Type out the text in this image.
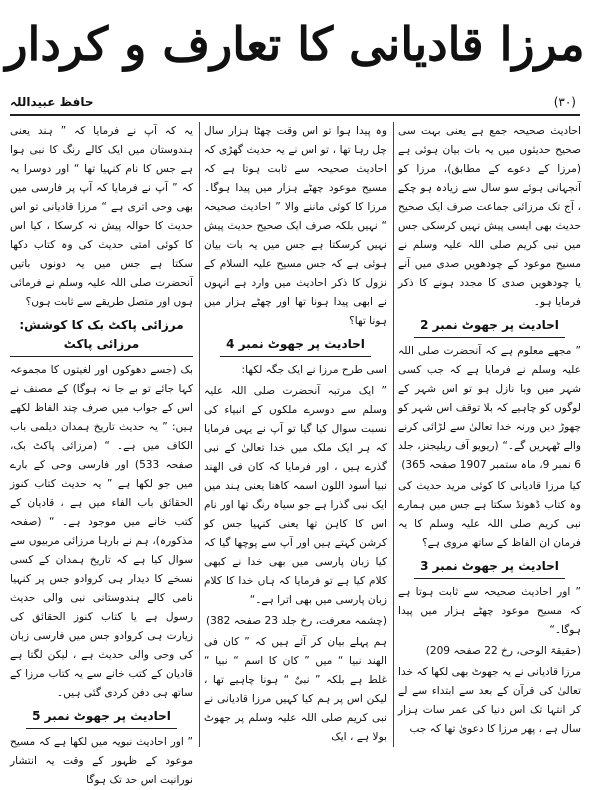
مرزا قادیانی کا تعارف و کردار
حافظ عبیداللہ	(۳۰)
احادیث صحیحہ جمع ہے یعنی بہت سی صحیح حدیثوں میں یہ بات بیان ہوئی ہے (مرزا کے دعوے کے مطابق)، مرزا کو آنجہانی ہوئے سو سال سے زیادہ ہو چکے ، آج تک مرزائی جماعت صرف ایک صحیح حدیث بھی ایسی پیش نہیں کرسکی جس میں نبی کریم صلی اللہ علیہ وسلم نے مسیح موعود کے چودھویں صدی میں آنے یا چودھویں صدی کا مجدد ہونے کا ذکر فرمایا ہو۔
احادیث پر جھوٹ نمبر 2
” مجھے معلوم ہے کہ آنحضرت صلی اللہ علیہ وسلم نے فرمایا ہے کہ جب کسی شہر میں وبا نازل ہو تو اس شہر کے لوگوں کو چاہیے کہ بلا توقف اس شہر کو چھوڑ دیں ورنہ خدا تعالیٰ سے لڑائی کرنے والے ٹھہریں گے۔“ (ریویو آف ریلیجنز، جلد 6 نمبر 9، ماہ ستمبر 1907 صفحہ 365)
کیا مرزا قادیانی کا کوئی مرید حدیث کی وہ کتاب ڈھونڈ سکتا ہے جس میں ہمارے نبی کریم صلی اللہ علیہ وسلم کا یہ فرمان ان الفاظ کے ساتھ مروی ہے؟
احادیث پر جھوٹ نمبر 3
” اور احادیث صحیحہ سے ثابت ہوتا ہے کہ مسیح موعود چھٹے ہزار میں پیدا ہوگا۔“
(حقیقۃ الوحی، رخ 22 صفحہ 209)
مرزا قادیانی نے یہ جھوٹ بھی لکھا کہ خدا تعالیٰ کی قرآن کے بعد سے ابتداء سے لے کر انتہا تک اس دنیا کی عمر سات ہزار سال ہے ، پھر مرزا کا دعویٰ تھا کہ جب
وہ پیدا ہوا تو اس وقت چھٹا ہزار سال چل رہا تھا ، تو اس نے یہ حدیث گھڑی کہ احادیث صحیحہ سے ثابت ہوتا ہے کہ مسیح موعود چھٹے ہزار میں پیدا ہوگا۔ مرزا کا کوئی ماننے والا ” احادیث صحیحہ “ نہیں بلکہ صرف ایک صحیح حدیث پیش نہیں کرسکتا ہے جس میں یہ بات بیان ہوئی ہے کہ جس مسیح علیہ السلام کے نزول کا ذکر احادیث میں وارد ہے انہوں نے ابھی پیدا ہونا تھا اور چھٹے ہزار میں ہونا تھا؟
احادیث پر جھوٹ نمبر 4
اسی طرح مرزا نے ایک جگہ لکھا:
” ایک مرتبہ آنحضرت صلی اللہ علیہ وسلم سے دوسرے ملکوں کے انبیاء کی نسبت سوال کیا گیا تو آپ نے یہی فرمایا کہ ہر ایک ملک میں خدا تعالیٰ کے نبی گذرے ہیں ، اور فرمایا کہ کان فی الھند نبیا أسود اللون اسمہ کاھنا یعنی ہند میں ایک نبی گذرا ہے جو سیاہ رنگ تھا اور نام اس کا کاہن تھا یعنی کنہیا جس کو کرشن کہتے ہیں اور آپ سے پوچھا گیا کہ کیا زبان پارسی میں بھی خدا نے کبھی کلام کیا ہے تو فرمایا کہ ہاں خدا کا کلام زبان پارسی میں بھی اترا ہے۔“
(چشمہ معرفت، رخ جلد 23 صفحہ 382)
ہم پہلے بیان کر آئے ہیں کہ ” کان فی الھند نبیا “ میں ” کان کا اسم “ نبیا “ غلط ہے بلکہ ” نبیٌ “ ہونا چاہیے تھا ، لیکن اس پر ہم کیا کہیں مرزا قادیانی نے نبی کریم صلی اللہ علیہ وسلم پر جھوٹ بولا ہے ، ایک
یہ کہ آپ نے فرمایا کہ ” ہند یعنی ہندوستان میں ایک کالے رنگ کا نبی ہوا ہے جس کا نام کنہیا تھا “ اور دوسرا یہ کہ ” آپ نے فرمایا کہ آپ پر فارسی میں بھی وحی اتری ہے “ مرزا قادیانی تو اس حدیث کا حوالہ پیش نہ کرسکا ، کیا اس کا کوئی امتی حدیث کی وہ کتاب دکھا سکتا ہے جس میں یہ دونوں باتیں آنحضرت صلی اللہ علیہ وسلم نے فرمائی ہوں اور متصل طریقے سے ثابت ہوں؟
مرزائی پاکٹ بک کا کوشش: مرزائی پاکٹ
بک (جسے دھوکوں اور لغیتوں کا مجموعہ کہا جائے تو بے جا نہ ہوگا) کے مصنف نے اس کے جواب میں صرف چند الفاظ لکھے ہیں: ” یہ حدیث تاریخ ہمدان دیلمی باب الکاف میں ہے۔ “ (مرزائی پاکٹ بک، صفحہ 533) اور فارسی وحی کے بارے میں جو لکھا ہے ” یہ حدیث کتاب کنوز الحقائق باب الفاء میں ہے ، قادیان کے کتب خانے میں موجود ہے۔ “ (صفحہ مذکورہ)، ہم نے بارہا مرزائی مربیوں سے سوال کیا ہے کہ تاریخ ہمدان کے کسی نسخے کا دیدار ہی کروادو جس پر کنہیا نامی کالے ہندوستانی نبی والی حدیث رسول ہے یا کتاب کنوز الحقائق کی زیارت ہی کروادو جس میں فارسی زبان کی وحی والی حدیث ہے ، لیکن لگتا ہے قادیان کے کتب خانے سے یہ کتاب مرزا کے ساتھ ہی دفن کردی گئی ہیں۔
احادیث پر جھوٹ نمبر 5
” اور احادیث نبویہ میں لکھا ہے کہ مسیح موعود کے ظہور کے وقت یہ انتشار نورانیت اس حد تک ہوگا
